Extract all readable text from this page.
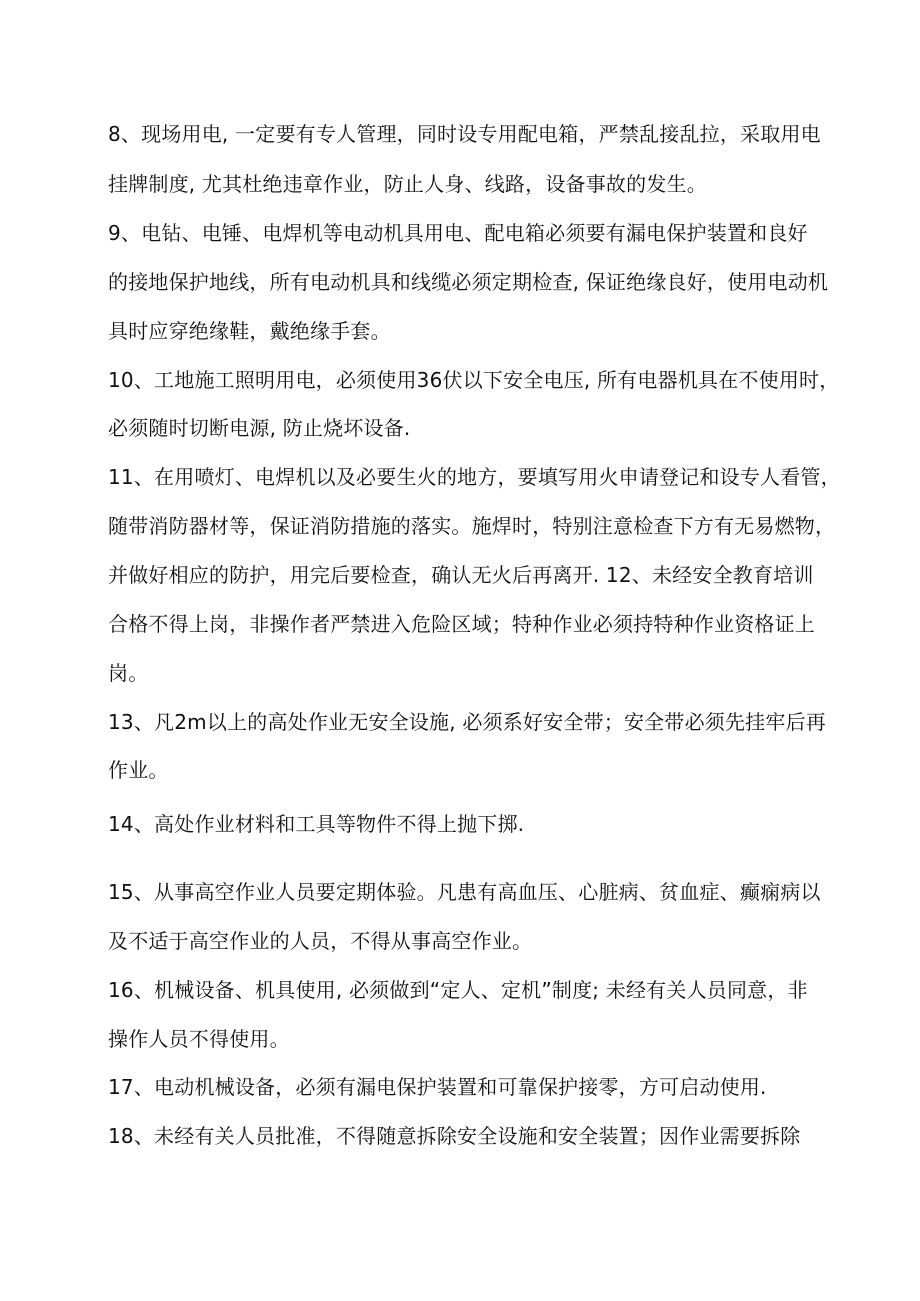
8、现场用电, 一定要有专人管理，同时设专用配电箱，严禁乱接乱拉，采取用电
挂牌制度, 尤其杜绝违章作业，防止人身、线路，设备事故的发生。
9、电钻、电锤、电焊机等电动机具用电、配电箱必须要有漏电保护装置和良好
的接地保护地线，所有电动机具和线缆必须定期检查, 保证绝缘良好，使用电动机
具时应穿绝缘鞋，戴绝缘手套。
10、工地施工照明用电，必须使用36伏以下安全电压, 所有电器机具在不使用时，
必须随时切断电源, 防止烧坏设备.
11、在用喷灯、电焊机以及必要生火的地方，要填写用火申请登记和设专人看管，
随带消防器材等，保证消防措施的落实。施焊时，特别注意检查下方有无易燃物，
并做好相应的防护，用完后要检查，确认无火后再离开. 12、未经安全教育培训
合格不得上岗，非操作者严禁进入危险区域；特种作业必须持特种作业资格证上
岗。
13、凡2m以上的高处作业无安全设施, 必须系好安全带；安全带必须先挂牢后再
作业。
14、高处作业材料和工具等物件不得上抛下掷.
15、从事高空作业人员要定期体验。凡患有高血压、心脏病、贫血症、癫痫病以
及不适于高空作业的人员，不得从事高空作业。
16、机械设备、机具使用, 必须做到“定人、定机”制度; 未经有关人员同意，非
操作人员不得使用。
17、电动机械设备，必须有漏电保护装置和可靠保护接零，方可启动使用.
18、未经有关人员批准，不得随意拆除安全设施和安全装置；因作业需要拆除
